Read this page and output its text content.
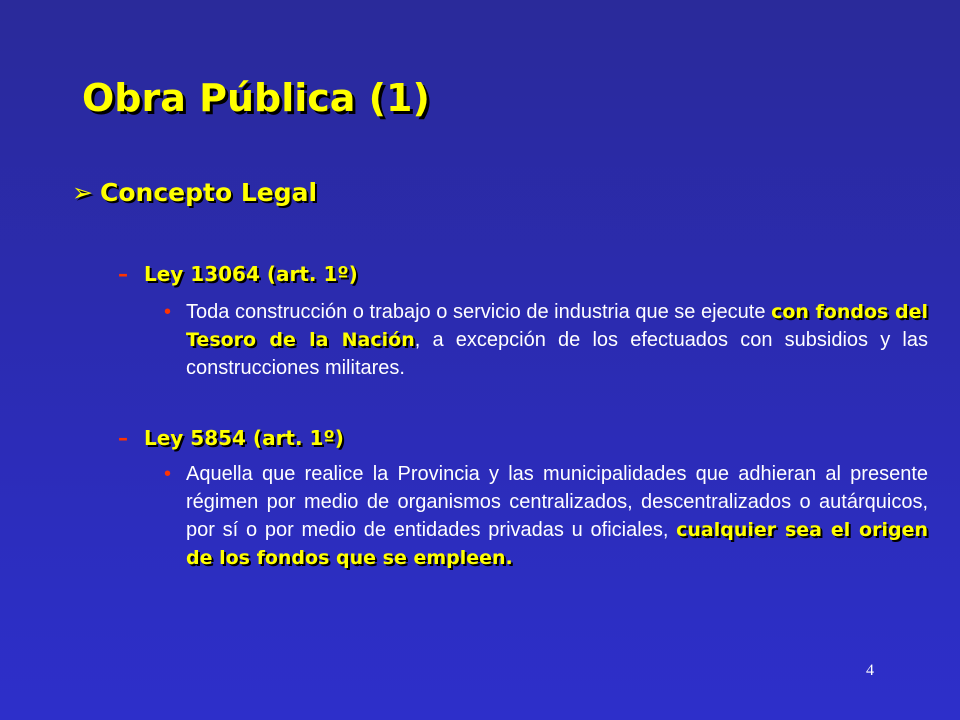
Obra Pública (1)
➢ Concepto Legal
– Ley 13064 (art. 1º)
• Toda construcción o trabajo o servicio de industria que se ejecute con fondos del Tesoro de la Nación, a excepción de los efectuados con subsidios y las construcciones militares.
– Ley 5854 (art. 1º)
• Aquella que realice la Provincia y las municipalidades que adhieran al presente régimen por medio de organismos centralizados, descentralizados o autárquicos, por sí o por medio de entidades privadas u oficiales, cualquier sea el origen de los fondos que se empleen.
4
